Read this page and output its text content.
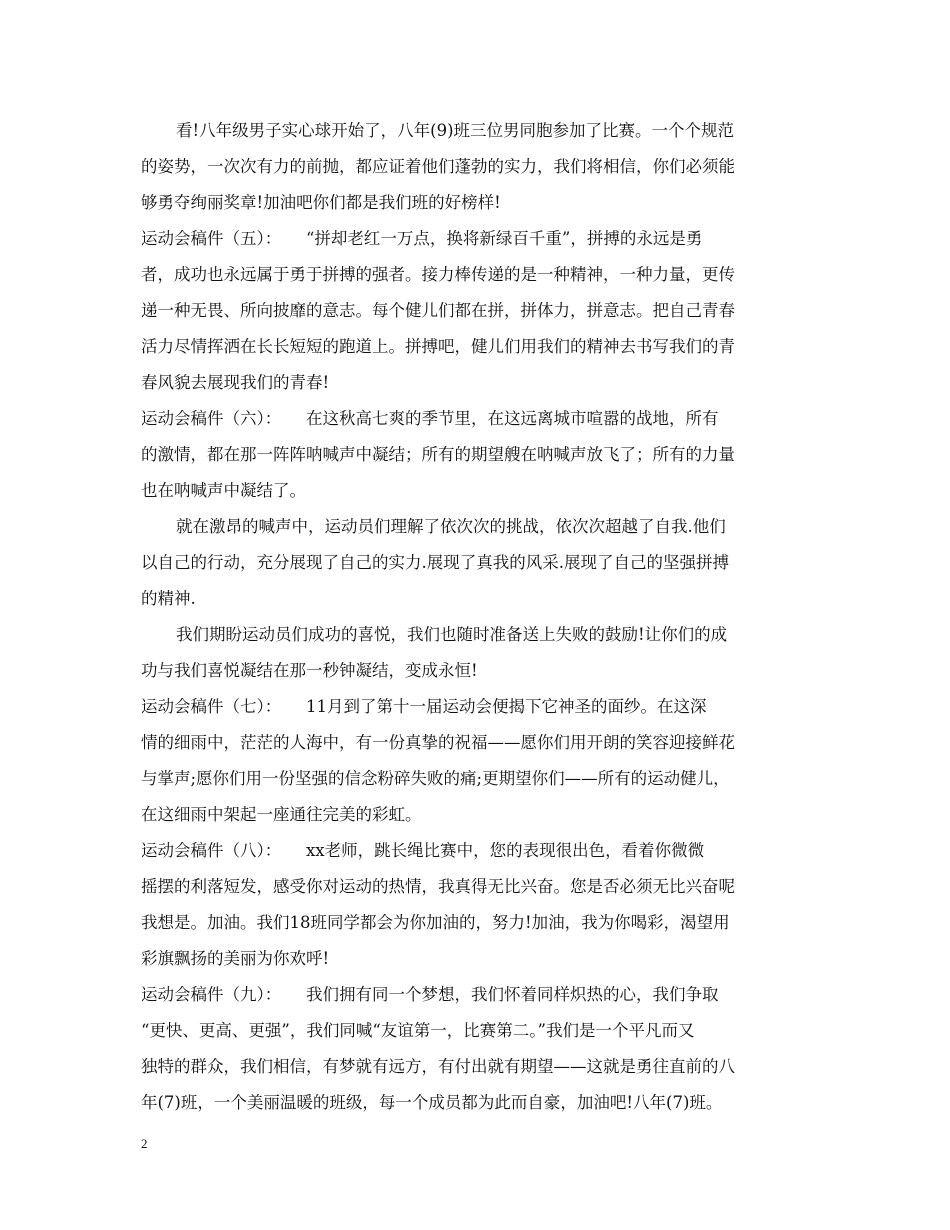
看!八年级男子实心球开始了，八年(9)班三位男同胞参加了比赛。一个个规范
的姿势，一次次有力的前抛，都应证着他们蓬勃的实力，我们将相信，你们必须能
够勇夺绚丽奖章!加油吧你们都是我们班的好榜样!
运动会稿件（五）：　　“拼却老红一万点，换将新绿百千重”，拼搏的永远是勇
者，成功也永远属于勇于拼搏的强者。接力棒传递的是一种精神，一种力量，更传
递一种无畏、所向披靡的意志。每个健儿们都在拼，拼体力，拼意志。把自己青春
活力尽情挥洒在长长短短的跑道上。拼搏吧，健儿们用我们的精神去书写我们的青
春风貌去展现我们的青春!
运动会稿件（六）：　　在这秋高七爽的季节里，在这远离城市喧嚣的战地，所有
的激情，都在那一阵阵呐喊声中凝结；所有的期望艘在呐喊声放飞了；所有的力量
也在呐喊声中凝结了。
就在激昂的喊声中，运动员们理解了依次次的挑战，依次次超越了自我.他们
以自己的行动，充分展现了自己的实力.展现了真我的风采.展现了自己的坚强拼搏
的精神.
我们期盼运动员们成功的喜悦，我们也随时准备送上失败的鼓励!让你们的成
功与我们喜悦凝结在那一秒钟凝结，变成永恒!
运动会稿件（七）：　　11月到了第十一届运动会便揭下它神圣的面纱。在这深
情的细雨中，茫茫的人海中，有一份真挚的祝福——愿你们用开朗的笑容迎接鲜花
与掌声;愿你们用一份坚强的信念粉碎失败的痛;更期望你们——所有的运动健儿，
在这细雨中架起一座通往完美的彩虹。
运动会稿件（八）：　　xx老师，跳长绳比赛中，您的表现很出色，看着你微微
摇摆的利落短发，感受你对运动的热情，我真得无比兴奋。您是否必须无比兴奋呢
我想是。加油。我们18班同学都会为你加油的，努力!加油，我为你喝彩，渴望用
彩旗飘扬的美丽为你欢呼!
运动会稿件（九）：　　我们拥有同一个梦想，我们怀着同样炽热的心，我们争取
“更快、更高、更强”，我们同喊“友谊第一，比赛第二。”我们是一个平凡而又
独特的群众，我们相信，有梦就有远方，有付出就有期望——这就是勇往直前的八
年(7)班，一个美丽温暖的班级，每一个成员都为此而自豪，加油吧!八年(7)班。
2
